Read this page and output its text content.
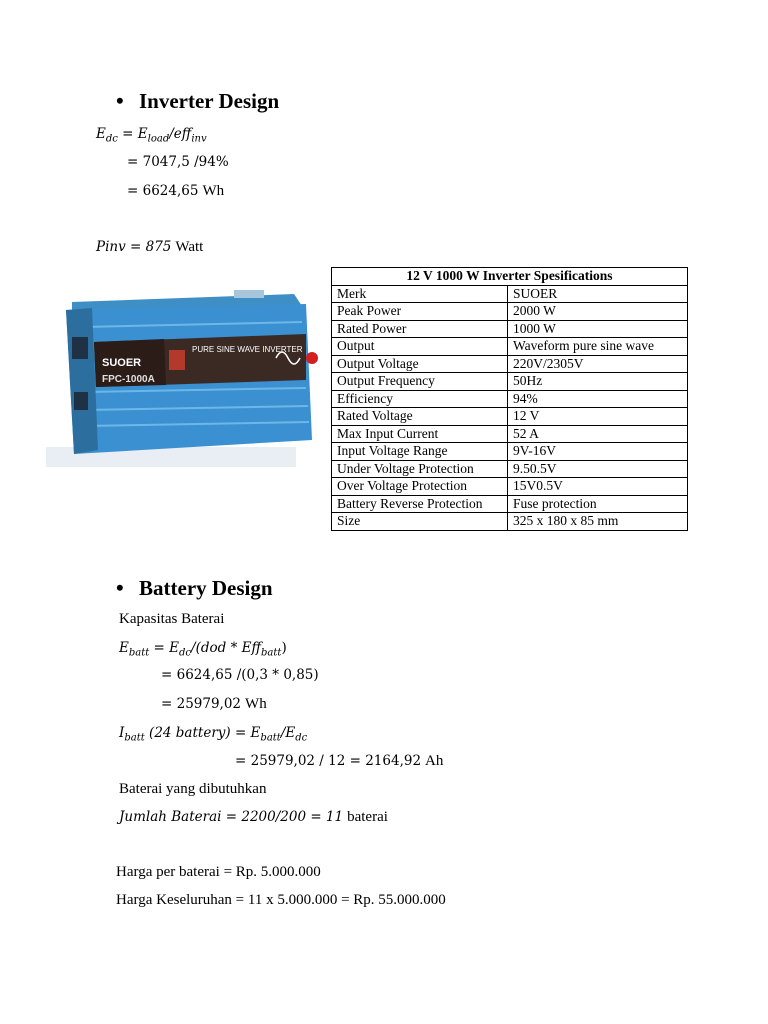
• Inverter Design
$E_{dc} = E_{load}/eff_{inv}$
= 7047,5 /94%
= 6624,65 Wh
Pinv = 875 Watt
SUOER
FPC-1000A
PURE SINE WAVE INVERTER
12 V 1000 W Inverter Spesifications	
Merk	SUOER
Peak Power	2000 W
Rated Power	1000 W
Output	Waveform pure sine wave
Output Voltage	220V/2305V
Output Frequency	50Hz
Efficiency	94%
Rated Voltage	12 V
Max Input Current	52 A
Input Voltage Range	9V-16V
Under Voltage Protection	9.50.5V
Over Voltage Protection	15V0.5V
Battery Reverse Protection	Fuse protection
Size	325 x 180 x 85 mm
• Battery Design
Kapasitas Baterai
$E_{batt} = E_{dc}/(dod * Eff_{batt})$
= 6624,65 /(0,3 * 0,85)
= 25979,02 Wh
$I_{batt}$ (24 battery) = $E_{batt}/E_{dc}$
= 25979,02 / 12 = 2164,92 Ah
Baterai yang dibutuhkan
Jumlah Baterai = 2200/200 = 11 baterai
Harga per baterai = Rp. 5.000.000
Harga Keseluruhan = 11 x 5.000.000 = Rp. 55.000.000
